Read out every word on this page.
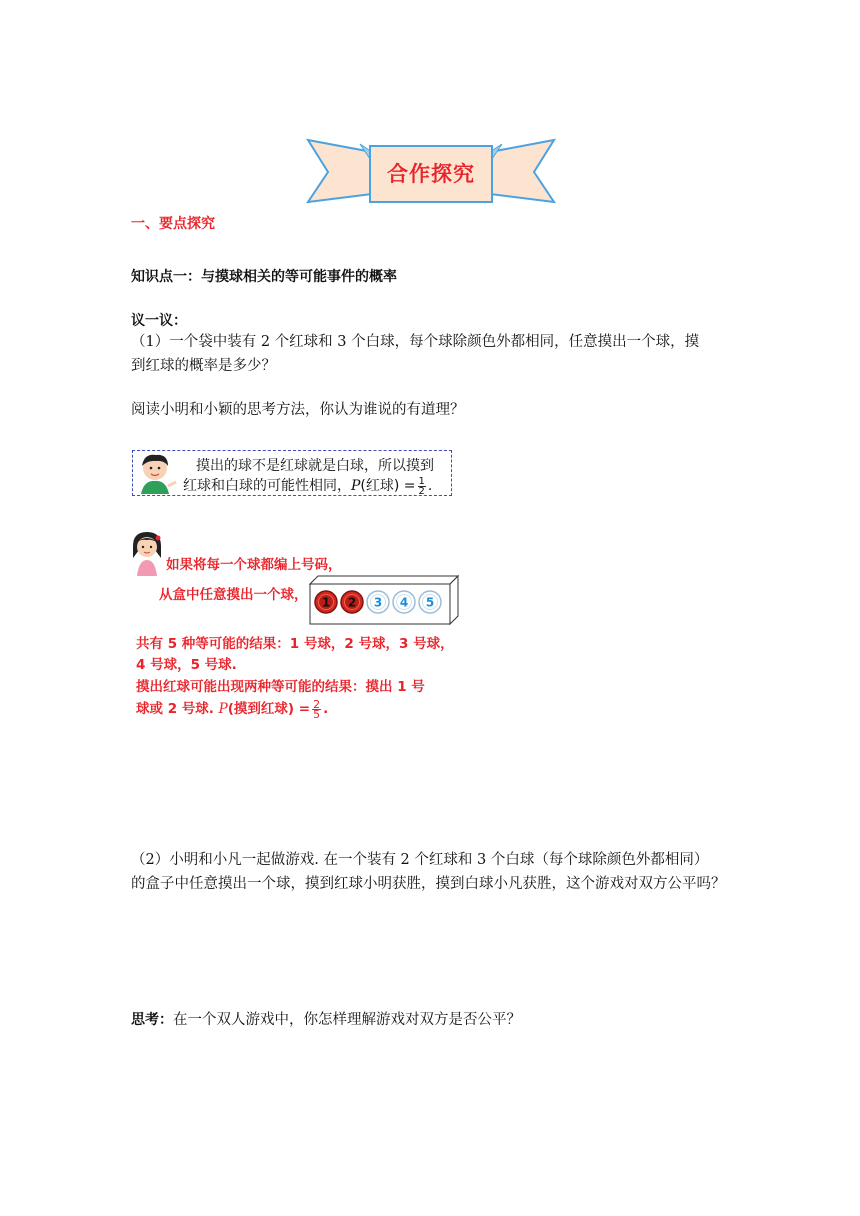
合作探究
一、要点探究
知识点一：与摸球相关的等可能事件的概率
议一议：
（1）一个袋中装有 2 个红球和 3 个白球，每个球除颜色外都相同，任意摸出一个球，摸
到红球的概率是多少？
阅读小明和小颖的思考方法，你认为谁说的有道理？
摸出的球不是红球就是白球，所以摸到
红球和白球的可能性相同，P(红球) = $\frac{1}{2}$ .
如果将每一个球都编上号码，
从盒中任意摸出一个球， 1 2 3 4 5
共有 5 种等可能的结果：1 号球，2 号球，3 号球，
4 号球，5 号球.
摸出红球可能出现两种等可能的结果：摸出 1 号
球或 2 号球. P(摸到红球) = $\frac{2}{5}$ .
（2）小明和小凡一起做游戏. 在一个装有 2 个红球和 3 个白球（每个球除颜色外都相同）
的盒子中任意摸出一个球，摸到红球小明获胜，摸到白球小凡获胜，这个游戏对双方公平吗？
思考：在一个双人游戏中，你怎样理解游戏对双方是否公平？
